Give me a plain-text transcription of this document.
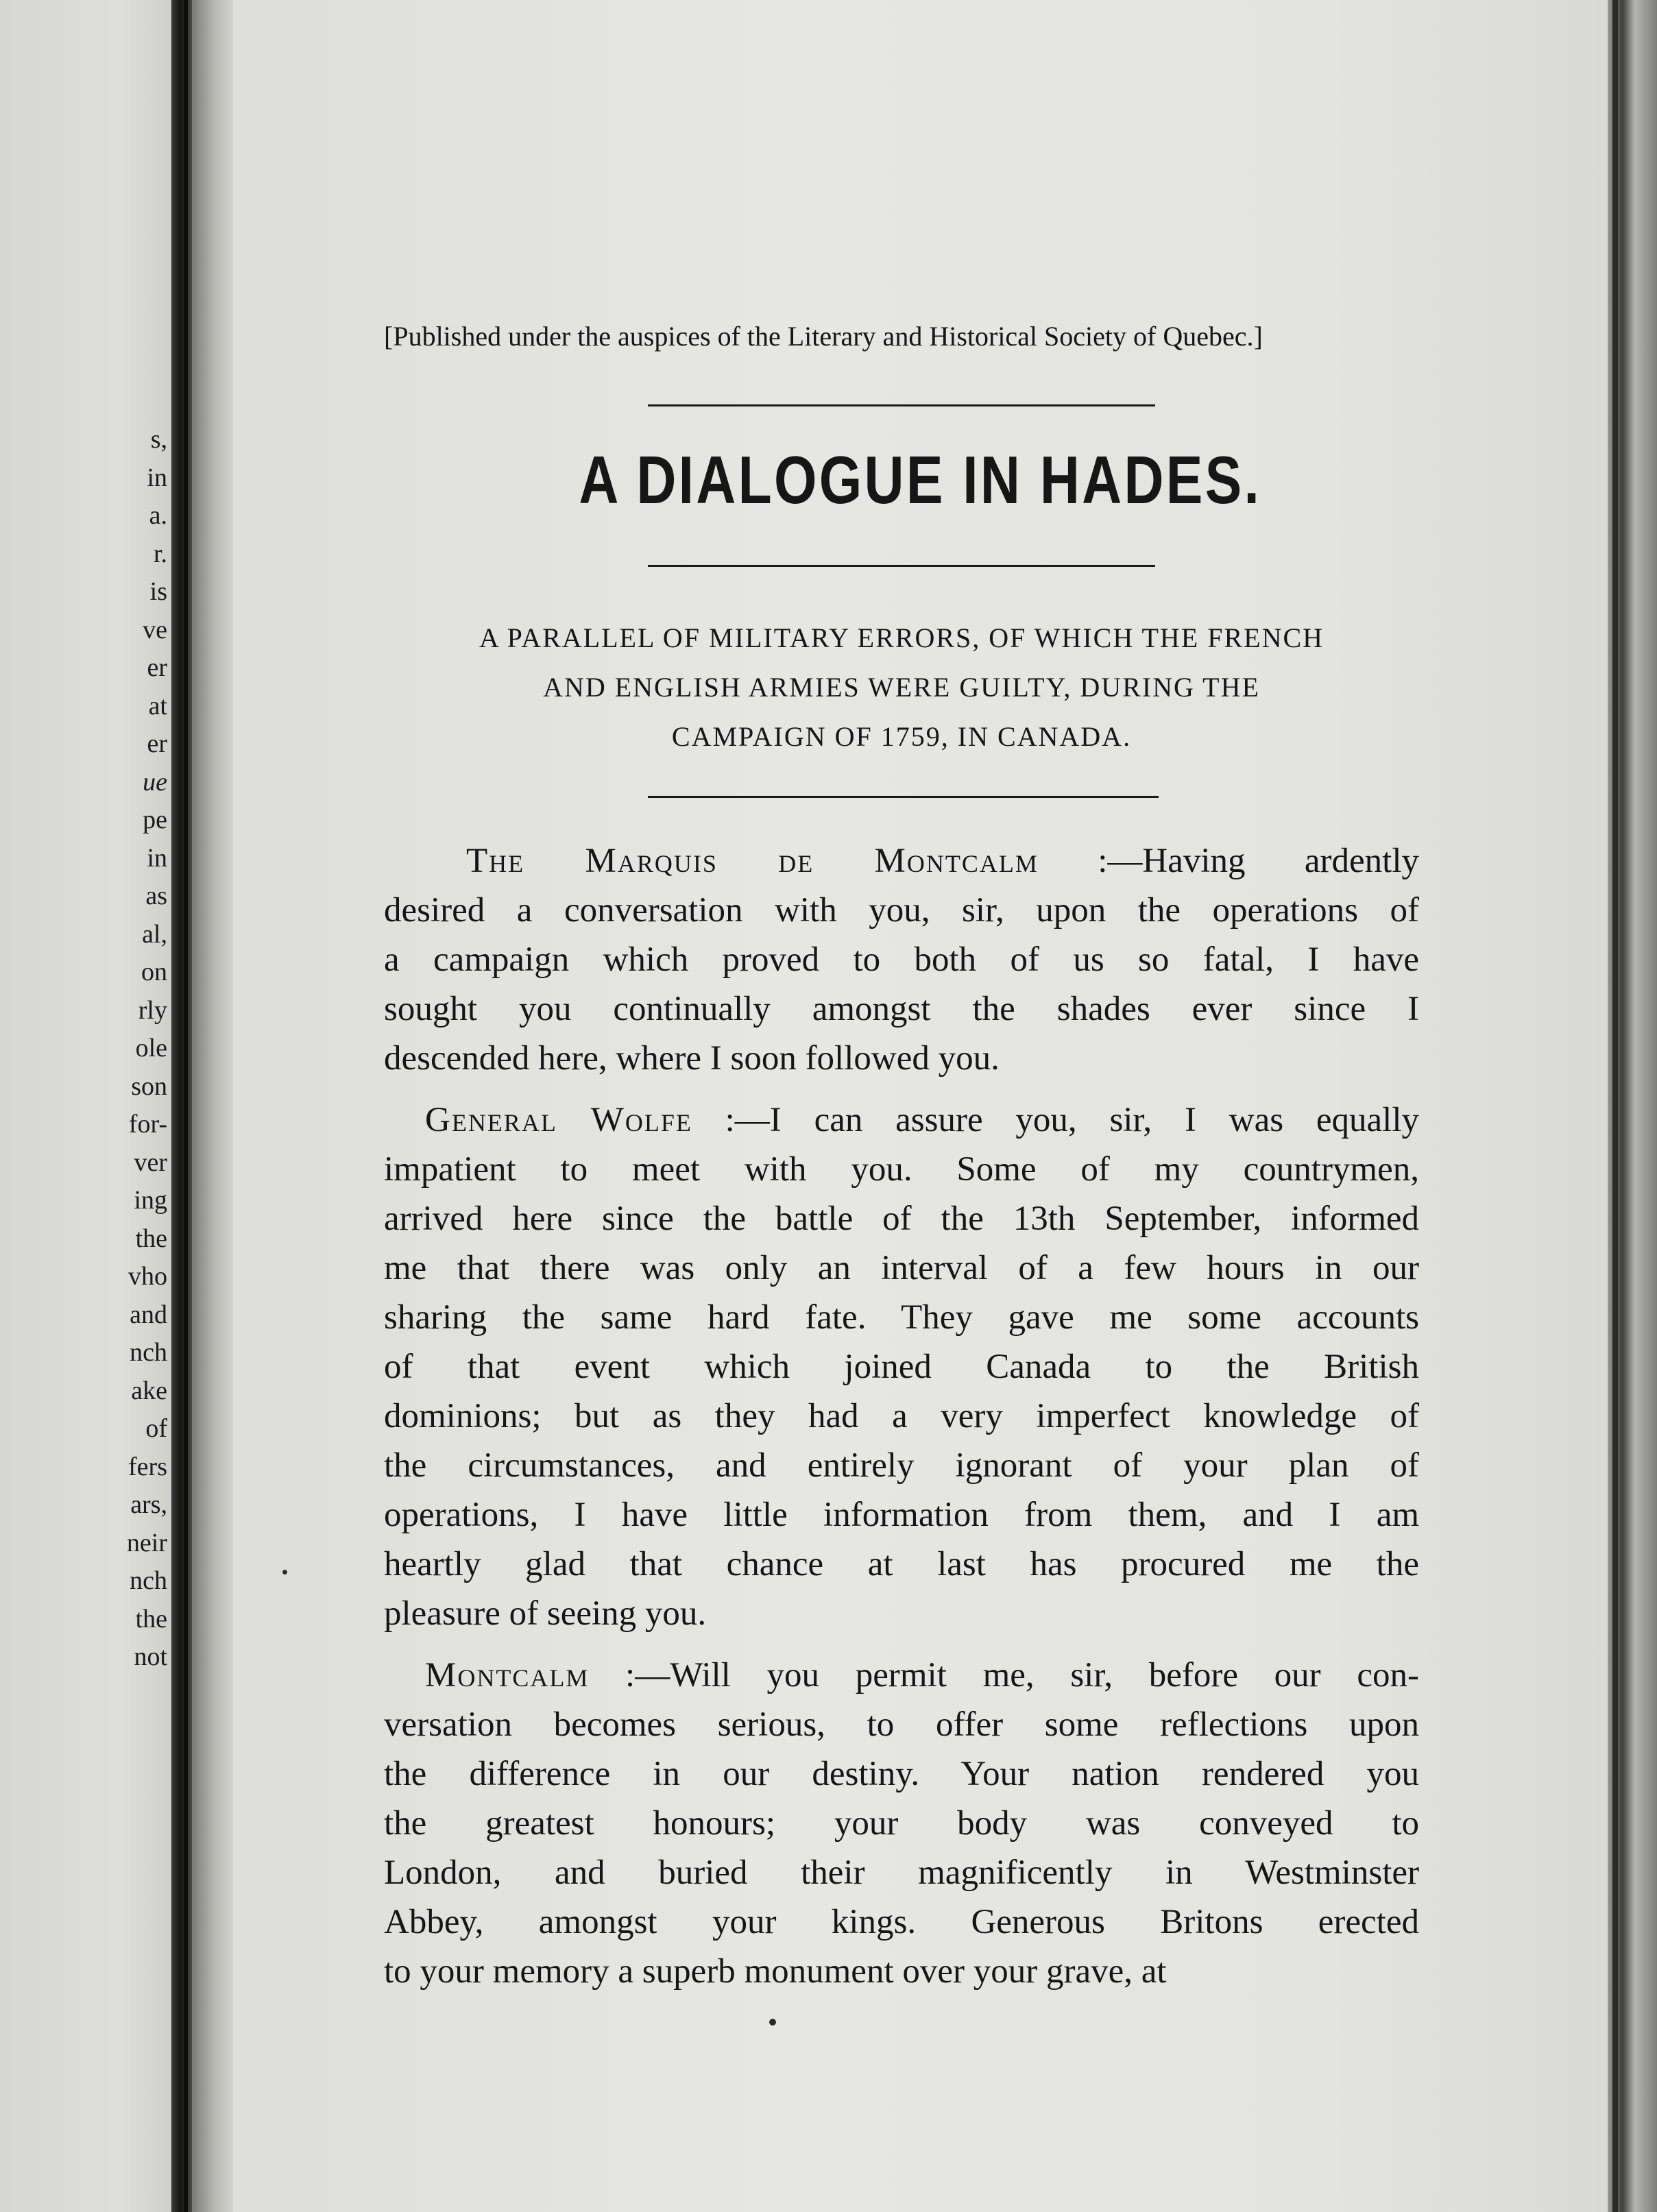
s,
in
a.
r.
is
ve
er
at
er
ue
pe
in
as
al,
on
rly
ole
son
for-
ver
ing
the
vho
and
nch
ake
of
fers
ars,
neir
nch
the
not
[Published under the auspices of the Literary and Historical Society of Quebec.]
A DIALOGUE IN HADES.
A PARALLEL OF MILITARY ERRORS, OF WHICH THE FRENCH
AND ENGLISH ARMIES WERE GUILTY, DURING THE
CAMPAIGN OF 1759, IN CANADA.

The Marquis de Montcalm :—Having ardently
desired a conversation with you, sir, upon the operations of
a campaign which proved to both of us so fatal, I have
sought you continually amongst the shades ever since I
descended here, where I soon followed you.

General Wolfe :—I can assure you, sir, I was equally
impatient to meet with you. Some of my countrymen,
arrived here since the battle of the 13th September, informed
me that there was only an interval of a few hours in our
sharing the same hard fate. They gave me some accounts
of that event which joined Canada to the British
dominions; but as they had a very imperfect knowledge of
the circumstances, and entirely ignorant of your plan of
operations, I have little information from them, and I am
heartly glad that chance at last has procured me the
pleasure of seeing you.

Montcalm :—Will you permit me, sir, before our con-
versation becomes serious, to offer some reflections upon
the difference in our destiny. Your nation rendered you
the greatest honours; your body was conveyed to
London, and buried their magnificently in Westminster
Abbey, amongst your kings. Generous Britons erected
to your memory a superb monument over your grave, at
